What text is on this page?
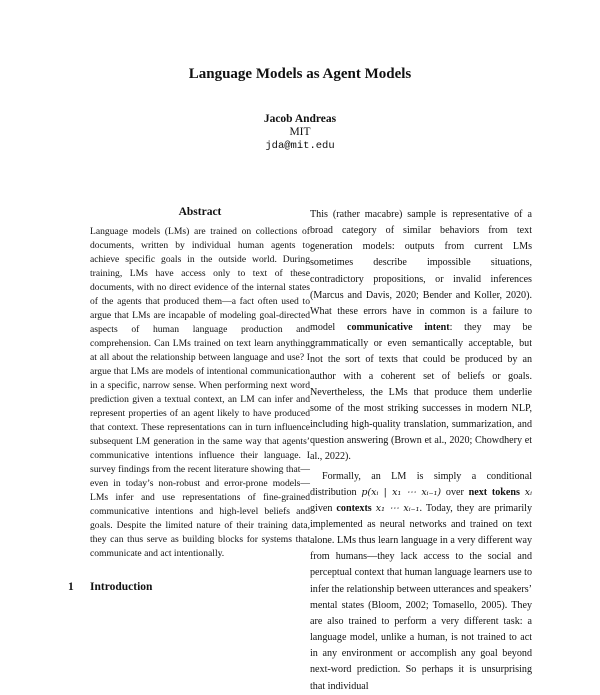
Language Models as Agent Models
Jacob Andreas
MIT
jda@mit.edu
Abstract
Language models (LMs) are trained on collections of documents, written by individual human agents to achieve specific goals in the outside world. During training, LMs have access only to text of these documents, with no direct evidence of the internal states of the agents that produced them—a fact often used to argue that LMs are incapable of modeling goal-directed aspects of human language production and comprehension. Can LMs trained on text learn anything at all about the relationship between language and use? I argue that LMs are models of intentional communication in a specific, narrow sense. When performing next word prediction given a textual context, an LM can infer and represent properties of an agent likely to have produced that context. These representations can in turn influence subsequent LM generation in the same way that agents’ communicative intentions influence their language. I survey findings from the recent literature showing that—even in today’s non-robust and error-prone models—LMs infer and use representations of fine-grained communicative intentions and high-level beliefs and goals. Despite the limited nature of their training data, they can thus serve as building blocks for systems that communicate and act intentionally.
1 Introduction

This (rather macabre) sample is representative of a broad category of similar behaviors from text generation models: outputs from current LMs sometimes describe impossible situations, contradictory propositions, or invalid inferences (Marcus and Davis, 2020; Bender and Koller, 2020). What these errors have in common is a failure to model communicative intent: they may be grammatically or even semantically acceptable, but not the sort of texts that could be produced by an author with a coherent set of beliefs or goals. Nevertheless, the LMs that produce them underlie some of the most striking successes in modern NLP, including high-quality translation, summarization, and question answering (Brown et al., 2020; Chowdhery et al., 2022).

Formally, an LM is simply a conditional distribution p(xᵢ | x₁ ⋯ xᵢ₋₁) over next tokens xᵢ given contexts x₁ ⋯ xᵢ₋₁. Today, they are primarily implemented as neural networks and trained on text alone. LMs thus learn language in a very different way from humans—they lack access to the social and perceptual context that human language learners use to infer the relationship between utterances and speakers’ mental states (Bloom, 2002; Tomasello, 2005). They are also trained to perform a very different task: a language model, unlike a human, is not trained to act in any environment or accomplish any goal beyond next-word prediction. So perhaps it is unsurprising that individual
